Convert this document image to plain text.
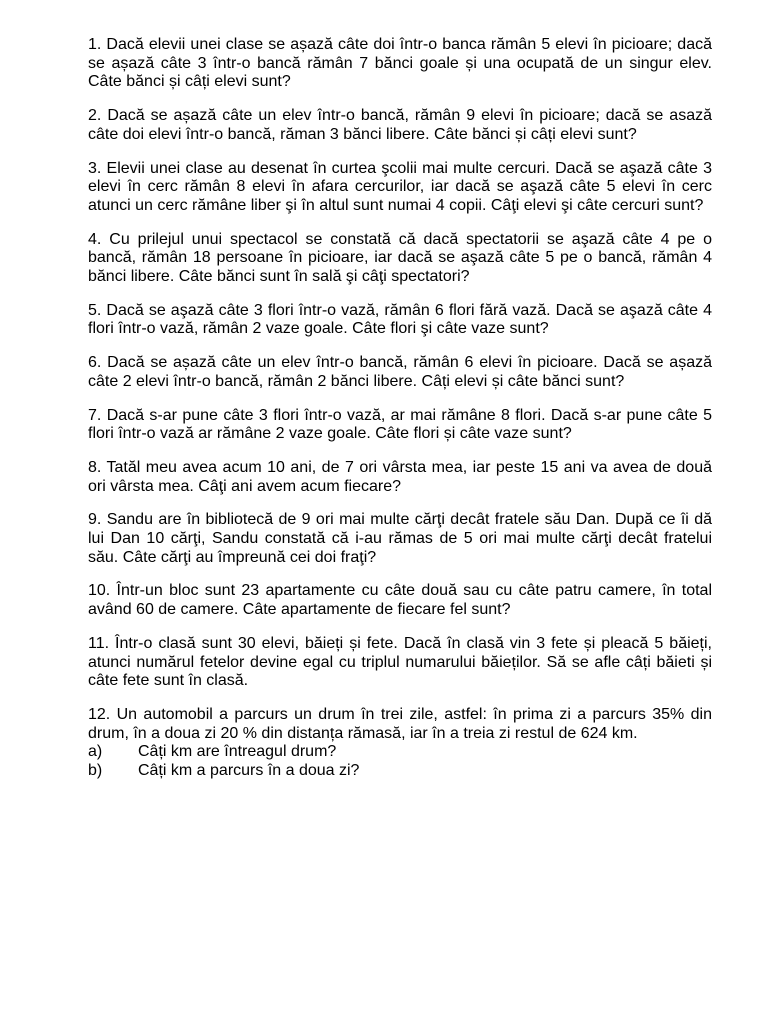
1. Dacă elevii unei clase se așază câte doi într-o banca rămân 5 elevi în picioare; dacă se așază câte 3 într-o bancă rămân 7 bănci goale și una ocupată de un singur elev. Câte bănci și câți elevi sunt?

2. Dacă se așază câte un elev într-o bancă, rămân 9 elevi în picioare; dacă se asază câte doi elevi într-o bancă, răman 3 bănci libere. Câte bănci și câți elevi sunt?

3. Elevii unei clase au desenat în curtea şcolii mai multe cercuri. Dacă se aşază câte 3 elevi în cerc rămân 8 elevi în afara cercurilor, iar dacă se aşază câte 5 elevi în cerc atunci un cerc rămâne liber şi în altul sunt numai 4 copii. Câţi elevi şi câte cercuri sunt?

4. Cu prilejul unui spectacol se constată că dacă spectatorii se aşază câte 4 pe o bancă, rămân 18 persoane în picioare, iar dacă se aşază câte 5 pe o bancă, rămân 4 bănci libere. Câte bănci sunt în sală şi câţi spectatori?

5. Dacă se aşază câte 3 flori într-o vază, rămân 6 flori fără vază. Dacă se aşază câte 4 flori într-o vază, rămân 2 vaze goale. Câte flori şi câte vaze sunt?

6. Dacă se așază câte un elev într-o bancă, rămân 6 elevi în picioare. Dacă se așază câte 2 elevi într-o bancă, rămân 2 bănci libere. Câți elevi și câte bănci sunt?

7. Dacă s-ar pune câte 3 flori într-o vază, ar mai rămâne 8 flori. Dacă s-ar pune câte 5 flori într-o vază ar rămâne 2 vaze goale. Câte flori și câte vaze sunt?

8. Tatăl meu avea acum 10 ani, de 7 ori vârsta mea, iar peste 15 ani va avea de două ori vârsta mea. Câţi ani avem acum fiecare?

9. Sandu are în bibliotecă de 9 ori mai multe cărţi decât fratele său Dan. După ce îi dă lui Dan 10 cărţi, Sandu constată că i-au rămas de 5 ori mai multe cărţi decât fratelui său. Câte cărţi au împreună cei doi fraţi?

10. Într-un bloc sunt 23 apartamente cu câte două sau cu câte patru camere, în total având 60 de camere. Câte apartamente de fiecare fel sunt?

11. Într-o clasă sunt 30 elevi, băieți și fete. Dacă în clasă vin 3 fete și pleacă 5 băieți, atunci numărul fetelor devine egal cu triplul numarului băieților. Să se afle câți băieti și câte fete sunt în clasă.

12. Un automobil a parcurs un drum în trei zile, astfel: în prima zi a parcurs 35% din drum, în a doua zi 20 % din distanța rămasă, iar în a treia zi restul de 624 km.

a)	Câți km are întreagul drum?
b)	Câți km a parcurs în a doua zi?
